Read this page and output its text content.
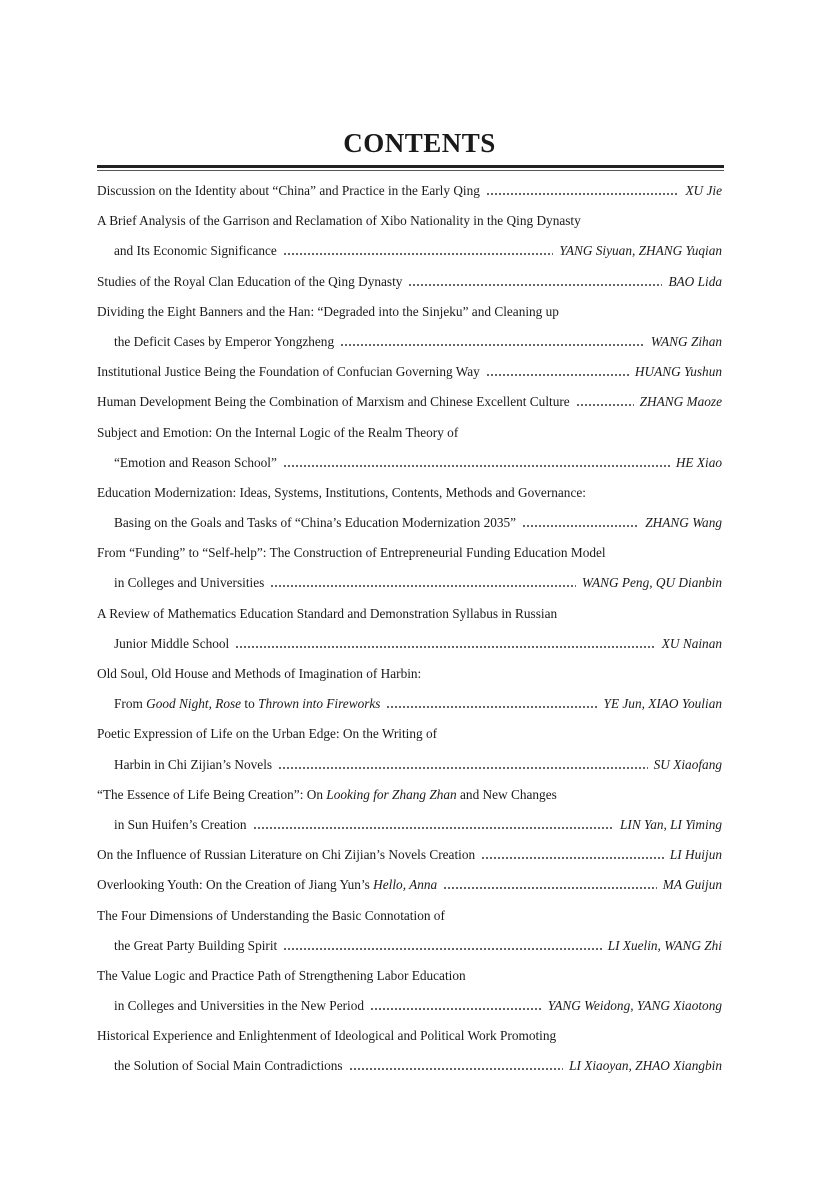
CONTENTS
Discussion on the Identity about “China” and Practice in the Early Qing	XU Jie
A Brief Analysis of the Garrison and Reclamation of Xibo Nationality in the Qing Dynasty
and Its Economic Significance	YANG Siyuan, ZHANG Yuqian
Studies of the Royal Clan Education of the Qing Dynasty	BAO Lida
Dividing the Eight Banners and the Han: “Degraded into the Sinjeku” and Cleaning up
the Deficit Cases by Emperor Yongzheng	WANG Zihan
Institutional Justice Being the Foundation of Confucian Governing Way	HUANG Yushun
Human Development Being the Combination of Marxism and Chinese Excellent Culture	ZHANG Maoze
Subject and Emotion: On the Internal Logic of the Realm Theory of
“Emotion and Reason School”	HE Xiao
Education Modernization: Ideas, Systems, Institutions, Contents, Methods and Governance:
Basing on the Goals and Tasks of “China’s Education Modernization 2035”	ZHANG Wang
From “Funding” to “Self-help”: The Construction of Entrepreneurial Funding Education Model
in Colleges and Universities	WANG Peng, QU Dianbin
A Review of Mathematics Education Standard and Demonstration Syllabus in Russian
Junior Middle School	XU Nainan
Old Soul, Old House and Methods of Imagination of Harbin:
From Good Night, Rose to Thrown into Fireworks	YE Jun, XIAO Youlian
Poetic Expression of Life on the Urban Edge: On the Writing of
Harbin in Chi Zijian’s Novels	SU Xiaofang
“The Essence of Life Being Creation”: On Looking for Zhang Zhan and New Changes
in Sun Huifen’s Creation	LIN Yan, LI Yiming
On the Influence of Russian Literature on Chi Zijian’s Novels Creation	LI Huijun
Overlooking Youth: On the Creation of Jiang Yun’s Hello, Anna	MA Guijun
The Four Dimensions of Understanding the Basic Connotation of
the Great Party Building Spirit	LI Xuelin, WANG Zhi
The Value Logic and Practice Path of Strengthening Labor Education
in Colleges and Universities in the New Period	YANG Weidong, YANG Xiaotong
Historical Experience and Enlightenment of Ideological and Political Work Promoting
the Solution of Social Main Contradictions	LI Xiaoyan, ZHAO Xiangbin
